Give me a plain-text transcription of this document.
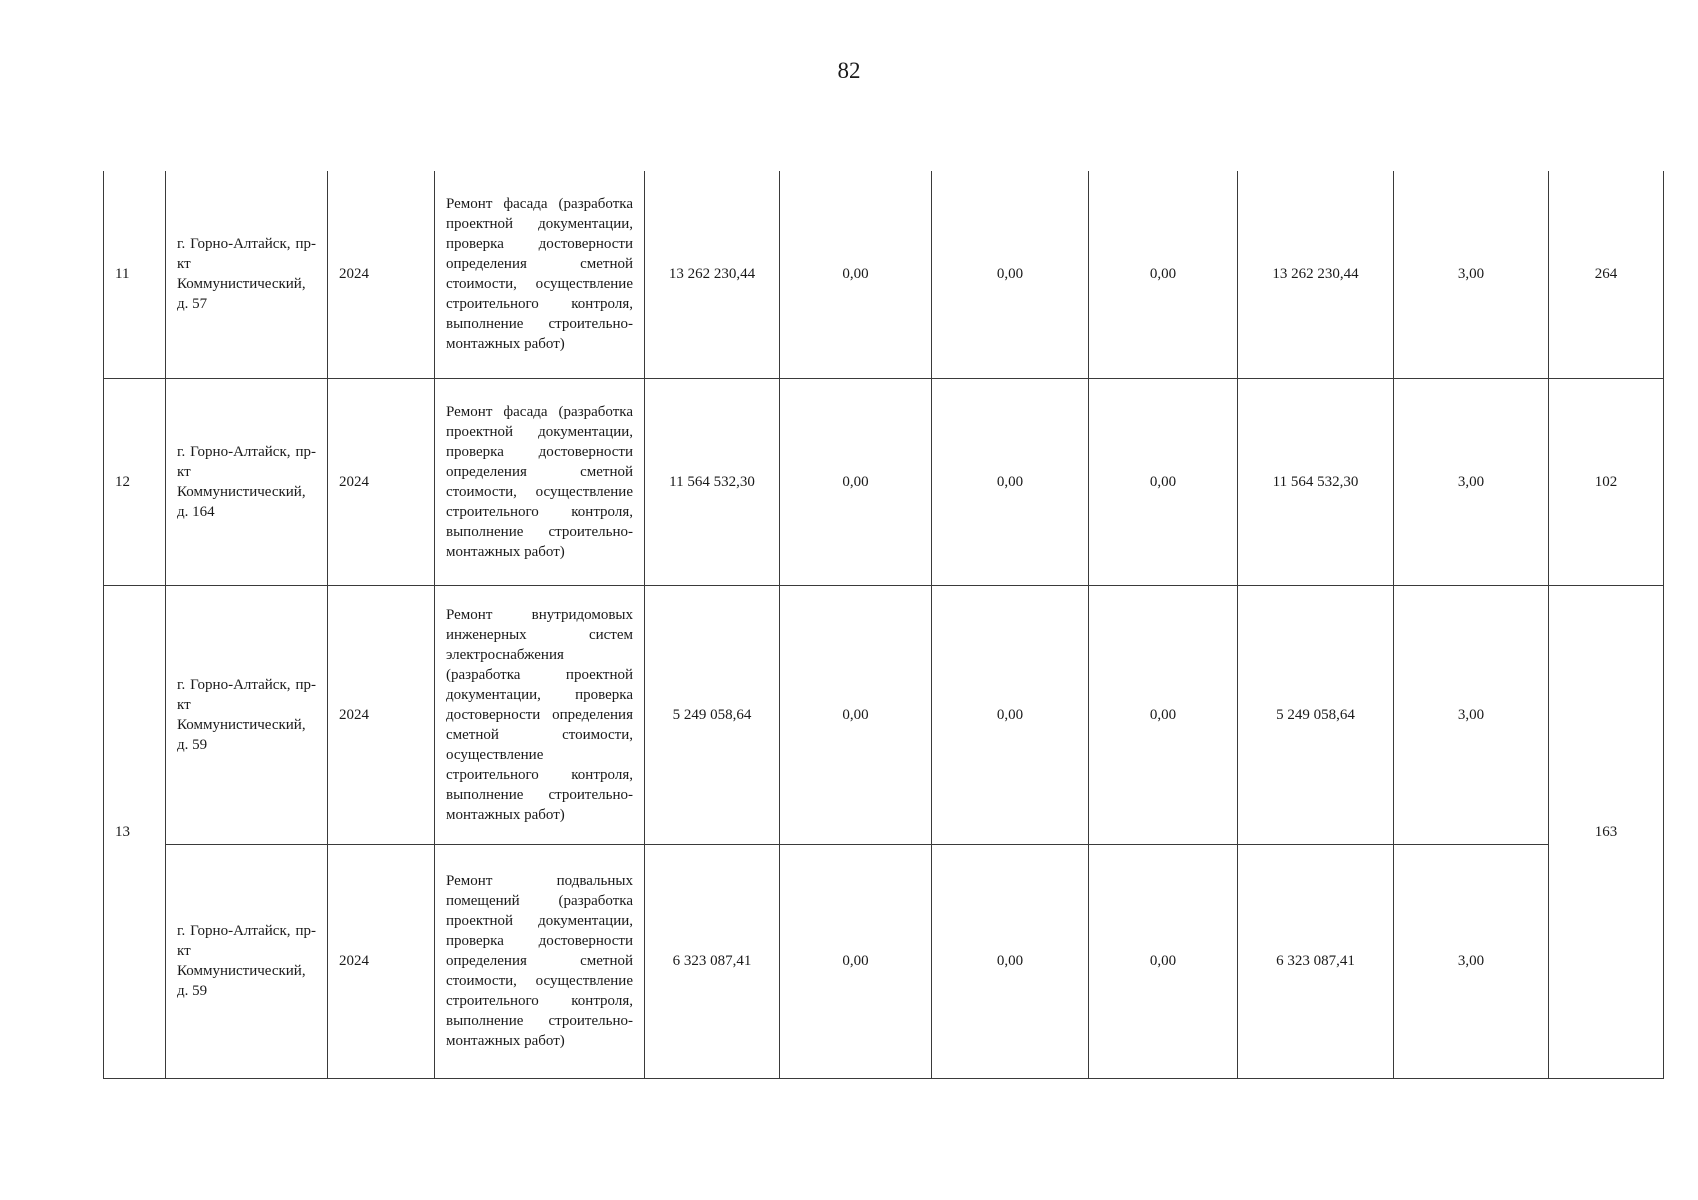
82
11	г. Горно-Алтайск, пр-кт Коммунистический, д. 57	2024	Ремонт фасада (разработка проектной документации, проверка достоверности определения сметной стоимости, осуществление строительного контроля, выполнение строительно-монтажных работ)	13 262 230,44	0,00	0,00	0,00	13 262 230,44	3,00	264
12	г. Горно-Алтайск, пр-кт Коммунистический, д. 164	2024	Ремонт фасада (разработка проектной документации, проверка достоверности определения сметной стоимости, осуществление строительного контроля, выполнение строительно-монтажных работ)	11 564 532,30	0,00	0,00	0,00	11 564 532,30	3,00	102
13	г. Горно-Алтайск, пр-кт Коммунистический, д. 59	2024	Ремонт внутридомовых инженерных систем электроснабжения (разработка проектной документации, проверка достоверности определения сметной стоимости, осуществление строительного контроля, выполнение строительно-монтажных работ)	5 249 058,64	0,00	0,00	0,00	5 249 058,64	3,00	163
	г. Горно-Алтайск, пр-кт Коммунистический, д. 59	2024	Ремонт подвальных помещений (разработка проектной документации, проверка достоверности определения сметной стоимости, осуществление строительного контроля, выполнение строительно-монтажных работ)	6 323 087,41	0,00	0,00	0,00	6 323 087,41	3,00	
